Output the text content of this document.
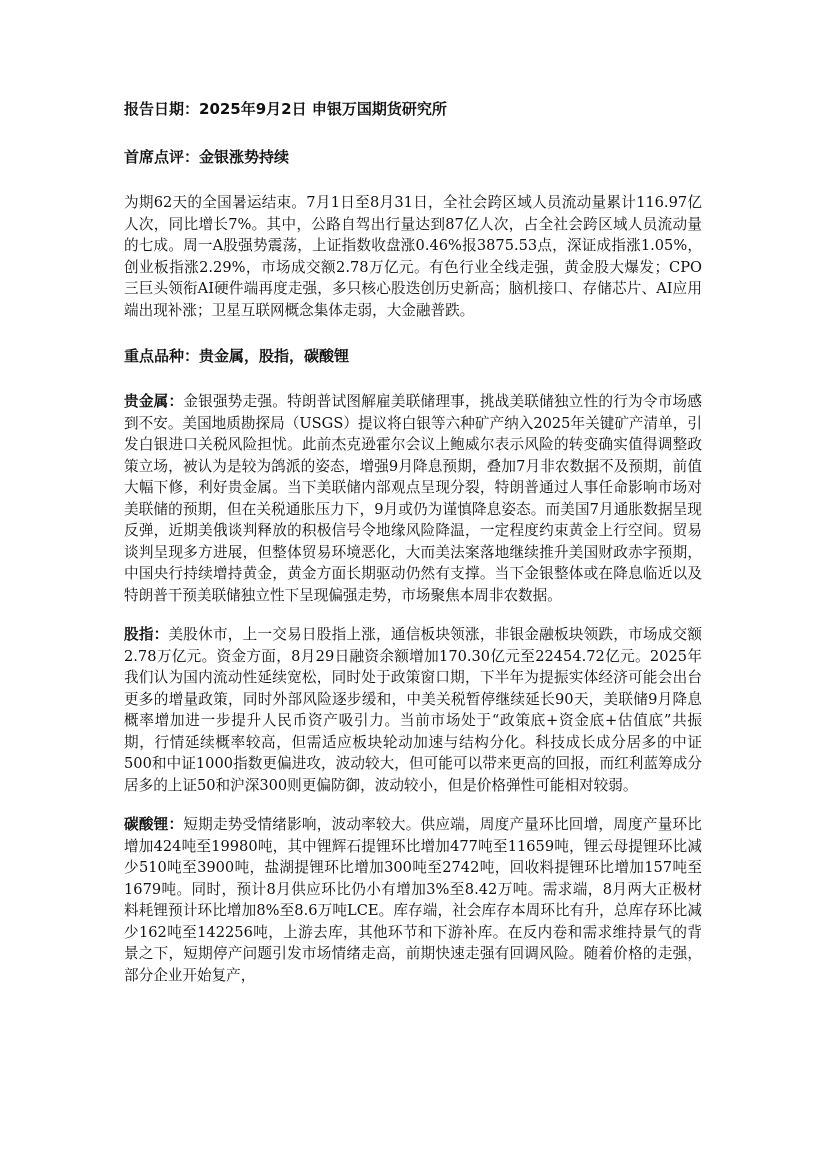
报告日期：2025年9月2日 申银万国期货研究所

首席点评：金银涨势持续

为期62天的全国暑运结束。7月1日至8月31日，全社会跨区域人员流动量累计116.97亿人次，同比增长7%。其中，公路自驾出行量达到87亿人次，占全社会跨区域人员流动量的七成。周一A股强势震荡，上证指数收盘涨0.46%报3875.53点，深证成指涨1.05%，创业板指涨2.29%，市场成交额2.78万亿元。有色行业全线走强，黄金股大爆发；CPO三巨头领衔AI硬件端再度走强，多只核心股迭创历史新高；脑机接口、存储芯片、AI应用端出现补涨；卫星互联网概念集体走弱，大金融普跌。

重点品种：贵金属，股指，碳酸锂

贵金属：金银强势走强。特朗普试图解雇美联储理事，挑战美联储独立性的行为令市场感到不安。美国地质勘探局（USGS）提议将白银等六种矿产纳入2025年关键矿产清单，引发白银进口关税风险担忧。此前杰克逊霍尔会议上鲍威尔表示风险的转变确实值得调整政策立场，被认为是较为鸽派的姿态，增强9月降息预期，叠加7月非农数据不及预期，前值大幅下修，利好贵金属。当下美联储内部观点呈现分裂，特朗普通过人事任命影响市场对美联储的预期，但在关税通胀压力下，9月或仍为谨慎降息姿态。而美国7月通胀数据呈现反弹，近期美俄谈判释放的积极信号令地缘风险降温，一定程度约束黄金上行空间。贸易谈判呈现多方进展，但整体贸易环境恶化，大而美法案落地继续推升美国财政赤字预期，中国央行持续增持黄金，黄金方面长期驱动仍然有支撑。当下金银整体或在降息临近以及特朗普干预美联储独立性下呈现偏强走势，市场聚焦本周非农数据。

股指：美股休市，上一交易日股指上涨，通信板块领涨，非银金融板块领跌，市场成交额2.78万亿元。资金方面，8月29日融资余额增加170.30亿元至22454.72亿元。2025年我们认为国内流动性延续宽松，同时处于政策窗口期，下半年为提振实体经济可能会出台更多的增量政策，同时外部风险逐步缓和，中美关税暂停继续延长90天，美联储9月降息概率增加进一步提升人民币资产吸引力。当前市场处于“政策底+资金底+估值底”共振期，行情延续概率较高，但需适应板块轮动加速与结构分化。科技成长成分居多的中证500和中证1000指数更偏进攻，波动较大，但可能可以带来更高的回报，而红利蓝筹成分居多的上证50和沪深300则更偏防御，波动较小，但是价格弹性可能相对较弱。

碳酸锂：短期走势受情绪影响，波动率较大。供应端，周度产量环比回增，周度产量环比增加424吨至19980吨，其中锂辉石提锂环比增加477吨至11659吨，锂云母提锂环比减少510吨至3900吨，盐湖提锂环比增加300吨至2742吨，回收料提锂环比增加157吨至1679吨。同时，预计8月供应环比仍小有增加3%至8.42万吨。需求端，8月两大正极材料耗锂预计环比增加8%至8.6万吨LCE。库存端，社会库存本周环比有升，总库存环比减少162吨至142256吨，上游去库，其他环节和下游补库。在反内卷和需求维持景气的背景之下，短期停产问题引发市场情绪走高，前期快速走强有回调风险。随着价格的走强，部分企业开始复产，
